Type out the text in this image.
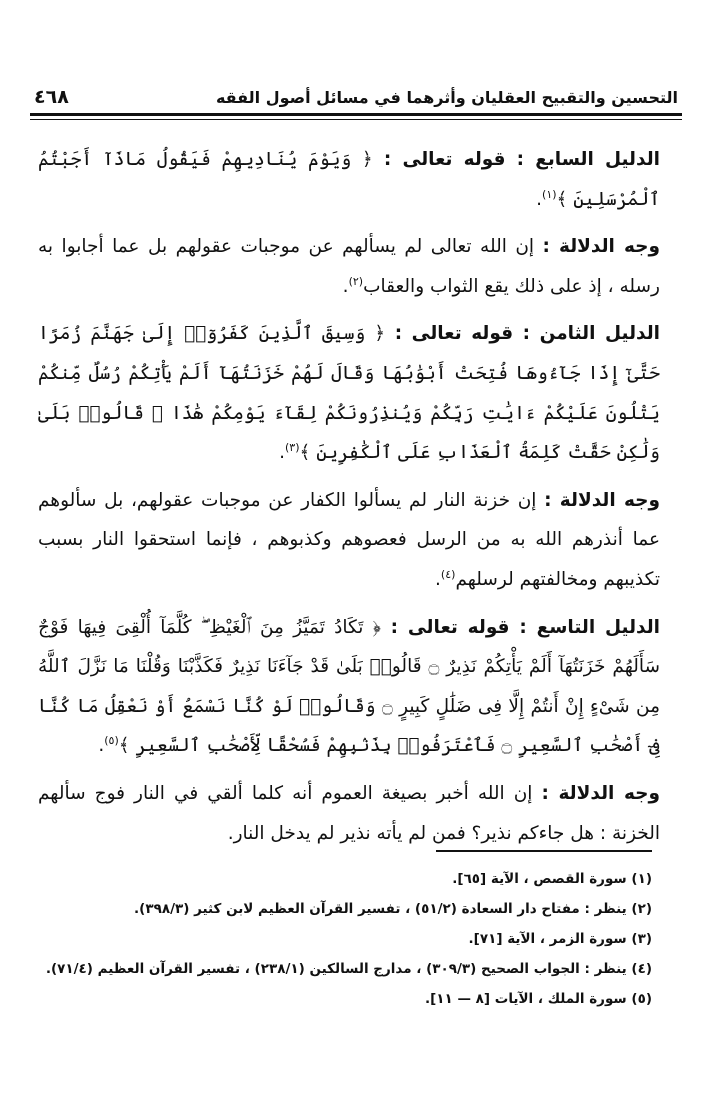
التحسين والتقبيح العقليان وأثرهما في مسائل أصول الفقه
٤٦٨

الدليل السابع : قوله تعالى : ﴿ وَيَوْمَ يُنَادِيهِمْ فَيَقُولُ مَاذَآ أَجَبْتُمُ ٱلْمُرْسَلِينَ ﴾$^{(١)}$.

وجه الدلالة : إن الله تعالى لم يسألهم عن موجبات عقولهم بل عما أجابوا به رسله ، إذ على ذلك يقع الثواب والعقاب$^{(٢)}$.

الدليل الثامن : قوله تعالى : ﴿ وَسِيقَ ٱلَّذِينَ كَفَرُوٓا۟ إِلَىٰ جَهَنَّمَ زُمَرًا حَتَّىٰٓ إِذَا جَآءُوهَا فُتِحَتْ أَبْوَٰبُهَا وَقَالَ لَهُمْ خَزَنَتُهَآ أَلَمْ يَأْتِكُمْ رُسُلٌ مِّنكُمْ يَتْلُونَ عَلَيْكُمْ ءَايَٰتِ رَبِّكُمْ وَيُنذِرُونَكُمْ لِقَآءَ يَوْمِكُمْ هَٰذَا ۚ قَالُوا۟ بَلَىٰ وَلَٰكِنْ حَقَّتْ كَلِمَةُ ٱلْعَذَابِ عَلَى ٱلْكَٰفِرِينَ ﴾$^{(٣)}$.

وجه الدلالة : إن خزنة النار لم يسألوا الكفار عن موجبات عقولهم، بل سألوهم عما أنذرهم الله به من الرسل فعصوهم وكذبوهم ، فإنما استحقوا النار بسبب تكذيبهم ومخالفتهم لرسلهم$^{(٤)}$.

الدليل التاسع : قوله تعالى : ﴿ تَكَادُ تَمَيَّزُ مِنَ ٱلْغَيْظِ ۖ كُلَّمَآ أُلْقِىَ فِيهَا فَوْجٌ سَأَلَهُمْ خَزَنَتُهَآ أَلَمْ يَأْتِكُمْ نَذِيرٌ ۝ قَالُوا۟ بَلَىٰ قَدْ جَآءَنَا نَذِيرٌ فَكَذَّبْنَا وَقُلْنَا مَا نَزَّلَ ٱللَّهُ مِن شَىْءٍ إِنْ أَنتُمْ إِلَّا فِى ضَلَٰلٍ كَبِيرٍ ۝ وَقَالُوا۟ لَوْ كُنَّا نَسْمَعُ أَوْ نَعْقِلُ مَا كُنَّا فِىٓ أَصْحَٰبِ ٱلسَّعِيرِ ۝ فَٱعْتَرَفُوا۟ بِذَنۢبِهِمْ فَسُحْقًا لِّأَصْحَٰبِ ٱلسَّعِيرِ ﴾$^{(٥)}$.

وجه الدلالة : إن الله أخبر بصيغة العموم أنه كلما ألقي في النار فوج سألهم الخزنة : هل جاءكم نذير؟ فمن لم يأته نذير لم يدخل النار.

(١) سورة القصص ، الآية [٦٥].

(٢) ينظر : مفتاح دار السعادة (٥١/٢) ، تفسير القرآن العظيم لابن كثير (٣٩٨/٣).

(٣) سورة الزمر ، الآية [٧١].

(٤) ينظر : الجواب الصحيح (٣٠٩/٣) ، مدارج السالكين (٢٣٨/١) ، تفسير القرآن العظيم (٧١/٤).

(٥) سورة الملك ، الآيات [٨ — ١١].
